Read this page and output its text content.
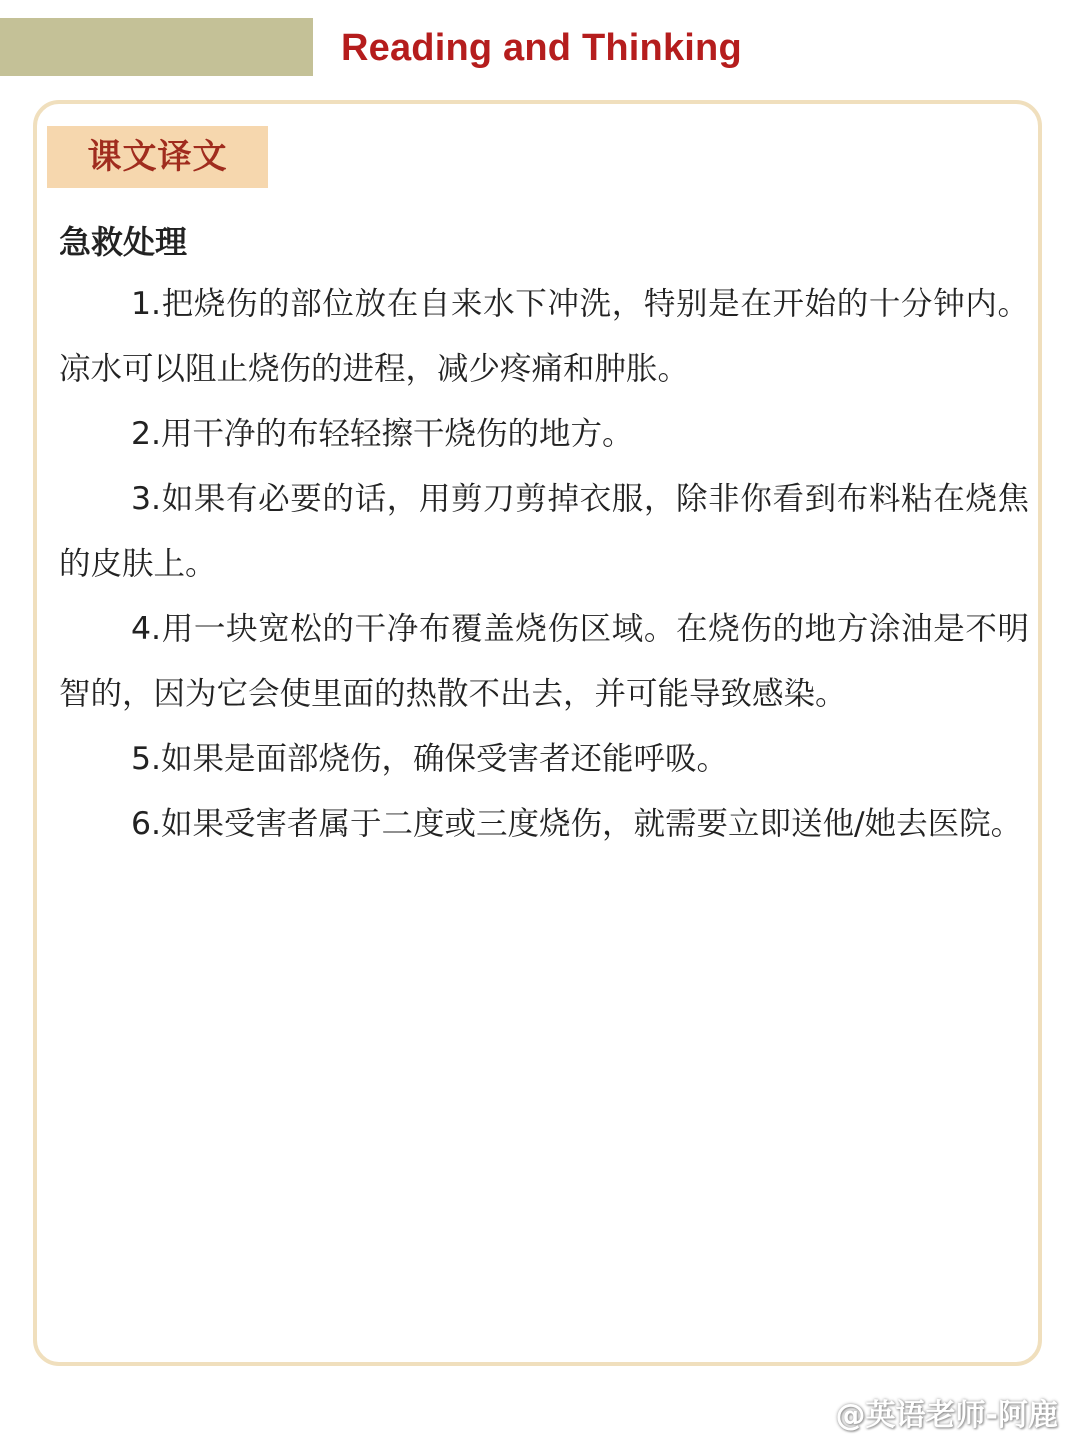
Reading and Thinking
课文译文

急救处理

1.把烧伤的部位放在自来水下冲洗，特别是在开始的十分钟内。凉水可以阻止烧伤的进程，减少疼痛和肿胀。

2.用干净的布轻轻擦干烧伤的地方。

3.如果有必要的话，用剪刀剪掉衣服，除非你看到布料粘在烧焦的皮肤上。

4.用一块宽松的干净布覆盖烧伤区域。在烧伤的地方涂油是不明智的，因为它会使里面的热散不出去，并可能导致感染。

5.如果是面部烧伤，确保受害者还能呼吸。

6.如果受害者属于二度或三度烧伤，就需要立即送他/她去医院。

@英语老师-阿鹿
